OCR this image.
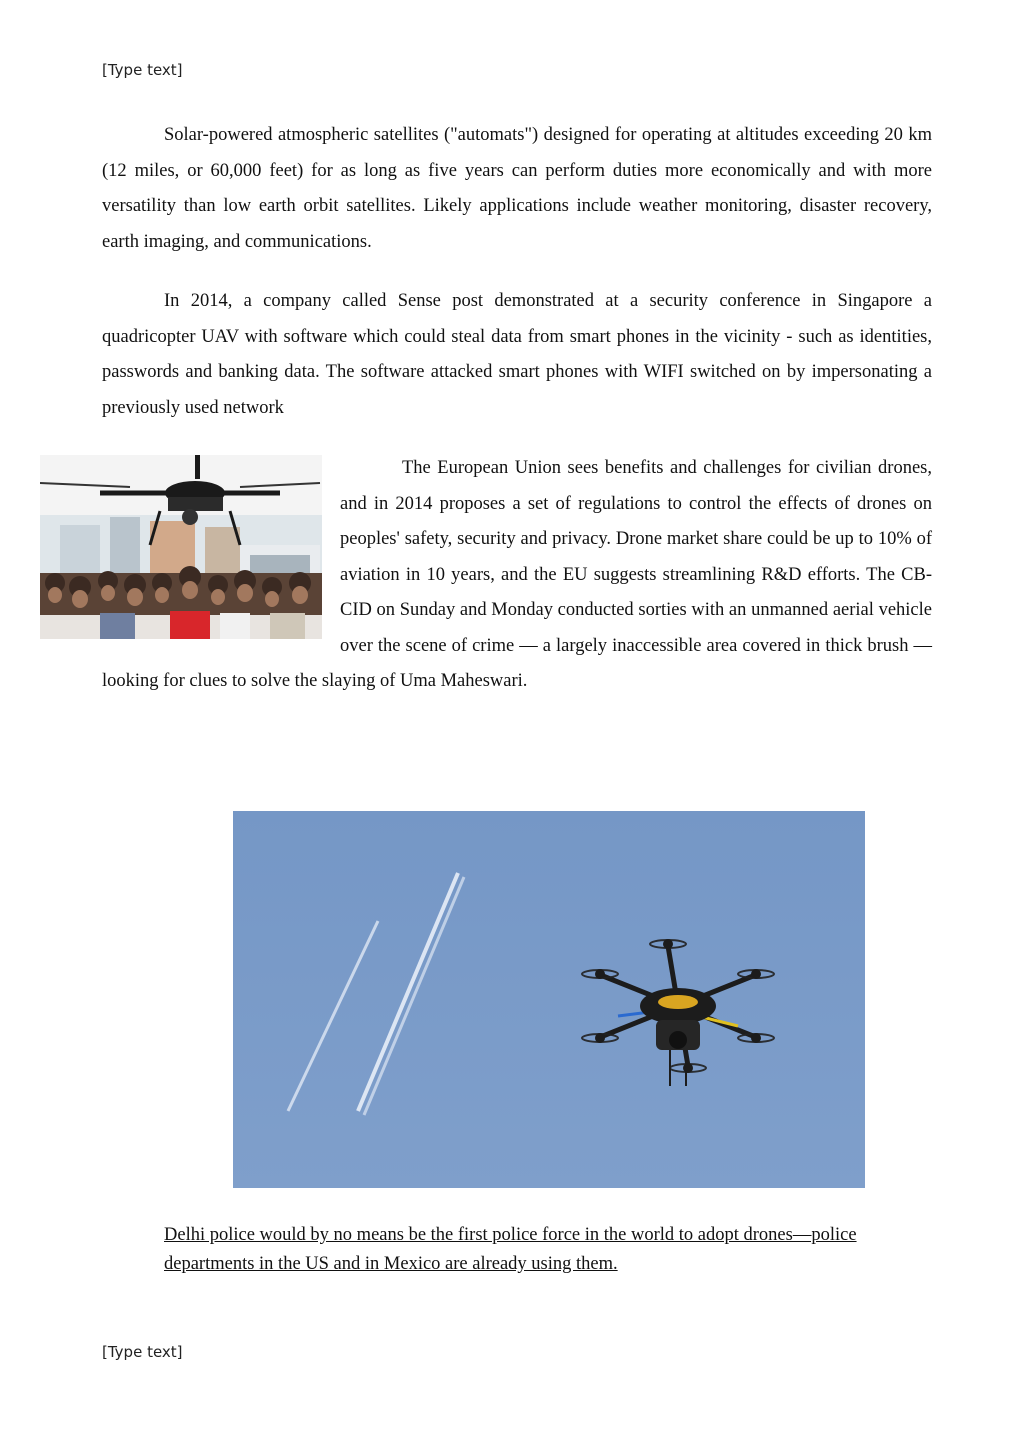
[Type text]

Solar-powered atmospheric satellites ("automats") designed for operating at altitudes exceeding 20 km (12 miles, or 60,000 feet) for as long as five years can perform duties more economically and with more versatility than low earth orbit satellites. Likely applications include weather monitoring, disaster recovery, earth imaging, and communications.

In 2014, a company called Sense post demonstrated at a security conference in Singapore a quadricopter UAV with software which could steal data from smart phones in the vicinity - such as identities, passwords and banking data. The software attacked smart phones with WIFI switched on by impersonating a previously used network

The European Union sees benefits and challenges for civilian drones, and in 2014 proposes a set of regulations to control the effects of drones on peoples' safety, security and privacy. Drone market share could be up to 10% of aviation in 10 years, and the EU suggests streamlining R&D efforts. The CB-CID on Sunday and Monday conducted sorties with an unmanned aerial vehicle over the scene of crime — a largely inaccessible area covered in thick brush — looking for clues to solve the slaying of Uma Maheswari.

Delhi police would by no means be the first police force in the world to adopt drones—police departments in the US and in Mexico are already using them.

[Type text]
